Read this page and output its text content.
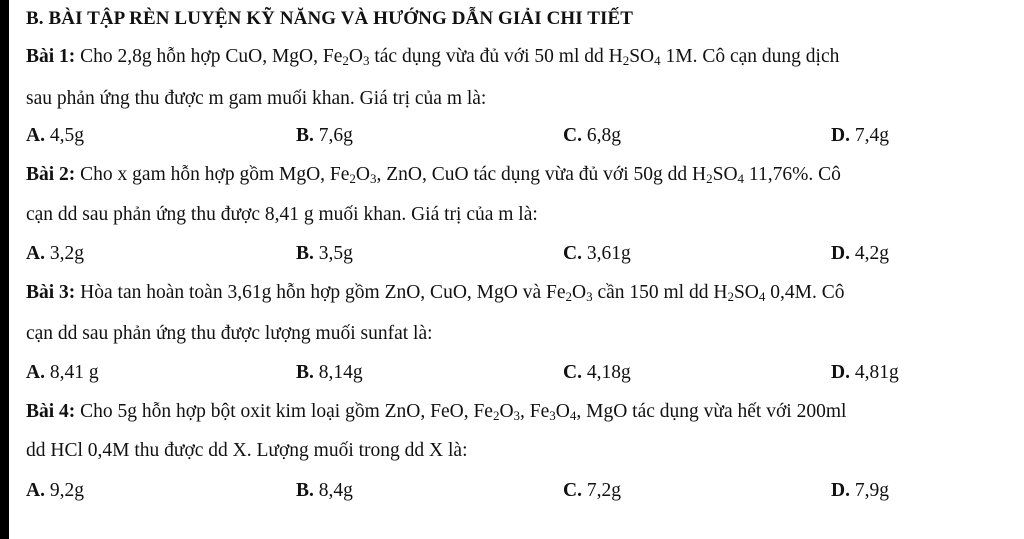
B. BÀI TẬP RÈN LUYỆN KỸ NĂNG VÀ HƯỚNG DẪN GIẢI CHI TIẾT
Bài 1: Cho 2,8g hỗn hợp CuO, MgO, $Fe_2O_3$ tác dụng vừa đủ với 50 ml dd $H_2SO_4$ 1M. Cô cạn dung dịch
sau phản ứng thu được m gam muối khan. Giá trị của m là:
A. 4,5g	B. 7,6g	C. 6,8g	D. 7,4g
Bài 2: Cho x gam hỗn hợp gồm MgO, $Fe_2O_3$, ZnO, CuO tác dụng vừa đủ với 50g dd $H_2SO_4$ 11,76%. Cô
cạn dd sau phản ứng thu được 8,41 g muối khan. Giá trị của m là:
A. 3,2g	B. 3,5g	C. 3,61g	D. 4,2g
Bài 3: Hòa tan hoàn toàn 3,61g hỗn hợp gồm ZnO, CuO, MgO và $Fe_2O_3$ cần 150 ml dd $H_2SO_4$ 0,4M. Cô
cạn dd sau phản ứng thu được lượng muối sunfat là:
A. 8,41 g	B. 8,14g	C. 4,18g	D. 4,81g
Bài 4: Cho 5g hỗn hợp bột oxit kim loại gồm ZnO, FeO, $Fe_2O_3$, $Fe_3O_4$, MgO tác dụng vừa hết với 200ml
dd HCl 0,4M thu được dd X. Lượng muối trong dd X là:
A. 9,2g	B. 8,4g	C. 7,2g	D. 7,9g
